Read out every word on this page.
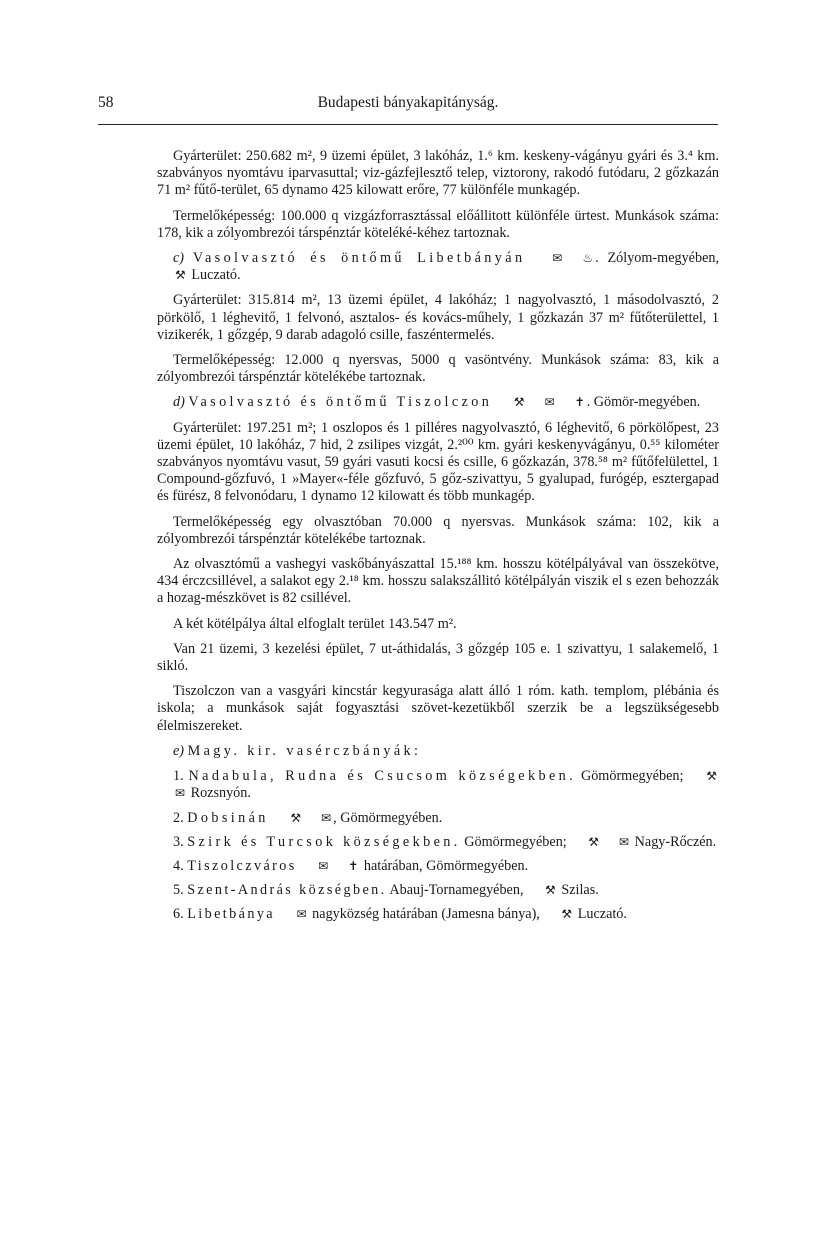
58	Budapesti bányakapitányság.

Gyárterület: 250.682 m², 9 üzemi épület, 3 lakóház, 1.⁶ km. keskeny-vágányu gyári és 3.⁴ km. szabványos nyomtávu iparvasuttal; viz-gázfejlesztő telep, viztorony, rakodó futódaru, 2 gőzkazán 71 m² fűtő-terület, 65 dynamo 425 kilowatt erőre, 77 különféle munkagép.

Termelőképesség: 100.000 q vizgázforrasztással előállitott különféle ürtest. Munkások száma: 178, kik a zólyombrezói társpénztár köteléké-kéhez tartoznak.

c) Vasolvasztó és öntőmű Libetbányán ✉ ♨ . Zólyom-megyében, ⚒ Luczató.

Gyárterület: 315.814 m², 13 üzemi épület, 4 lakóház; 1 nagyolvasztó, 1 másodolvasztó, 2 pörkölő, 1 léghevitő, 1 felvonó, asztalos- és kovács-műhely, 1 gőzkazán 37 m² fűtőterülettel, 1 vizikerék, 1 gőzgép, 9 darab adagoló csille, faszéntermelés.

Termelőképesség: 12.000 q nyersvas, 5000 q vasöntvény. Munkások száma: 83, kik a zólyombrezói társpénztár kötelékébe tartoznak.

d) Vasolvasztó és öntőmű Tiszolczon ⚒ ✉ ✝ . Gömör-megyében.

Gyárterület: 197.251 m²; 1 oszlopos és 1 pilléres nagyolvasztó, 6 léghevitő, 6 pörkölőpest, 23 üzemi épület, 10 lakóház, 7 hid, 2 zsilipes vizgát, 2.²⁰⁰ km. gyári keskenyvágányu, 0.⁵⁵ kilométer szabványos nyomtávu vasut, 59 gyári vasuti kocsi és csille, 6 gőzkazán, 378.⁵⁸ m² fűtőfelülettel, 1 Compound-gőzfuvó, 1 »Mayer«-féle gőzfuvó, 5 gőz-szivattyu, 5 gyalupad, furógép, esztergapad és fürész, 8 felvonódaru, 1 dynamo 12 kilowatt és több munkagép.

Termelőképesség egy olvasztóban 70.000 q nyersvas. Munkások száma: 102, kik a zólyombrezói társpénztár kötelékébe tartoznak.

Az olvasztómű a vashegyi vaskőbányászattal 15.¹⁸⁸ km. hosszu kötélpályával van összekötve, 434 érczcsillével, a salakot egy 2.¹⁸ km. hosszu salakszállitó kötélpályán viszik el s ezen behozzák a hozag-mészkövet is 82 csillével.

A két kötélpálya által elfoglalt terület 143.547 m².

Van 21 üzemi, 3 kezelési épület, 7 ut-áthidalás, 3 gőzgép 105 e. 1 szivattyu, 1 salakemelő, 1 sikló.

Tiszolczon van a vasgyári kincstár kegyurasága alatt álló 1 róm. kath. templom, plébánia és iskola; a munkások saját fogyasztási szövet-kezetükből szerzik be a legszükségesebb élelmiszereket.

e) Magy. kir. vasérczbányák:

1. Nadabula, Rudna és Csucsom községekben. Gömörmegyében; ⚒✉ Rozsnyón.

2. Dobsinán ⚒ ✉ , Gömörmegyében.

3. Szirk és Turcsok községekben. Gömörmegyében; ⚒ ✉ Nagy-Rőczén.

4. Tiszolczváros ✉ ✝ határában, Gömörmegyében.

5. Szent-András községben. Abauj-Tornamegyében, ⚒ Szilas.

6. Libetbánya ✉ nagyközség határában (Jamesna bánya), ⚒ Luczató.
